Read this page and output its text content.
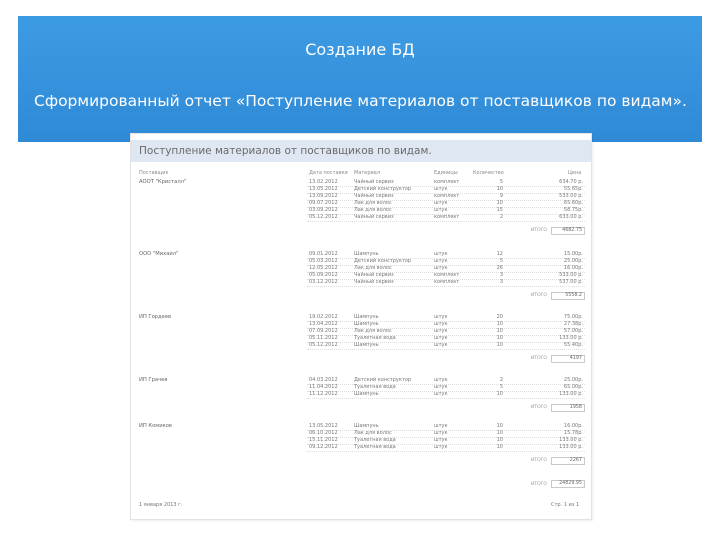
Создание БД
Сформированный отчет «Поступление материалов от поставщиков по видам».
Поступление материалов от поставщиков по видам.
Поставщик	Дата поставки Материал	Единицы	Количество	Цена
АООТ "Кристалл"	13.02.2012	Чайный сервиз	комплект	5	634.70 р.
13.05.2012	Детский конструктор	штук	10	55.65р.
13.09.2012	Чайный сервиз	комплект	9	533.00 р.
09.07.2012	Лак для волос	штук	10	65.60р.
03.09.2012	Лак для волос	штук	15	58.75р.
05.12.2012	Чайный сервиз	комплект	2	633.00 р.
ИТОГО	4682.75
ООО "Михаил"	09.01.2012	Шампунь	штук	12	15.00р.
05.03.2012	Детский конструктор	штук	5	25.00р.
12.05.2012	Лак для волос	штук	26	16.00р.
05.09.2012	Чайный сервиз	комплект	3	533.00 р.
03.12.2012	Чайный сервиз	комплект	3	537.00 р.
ИТОГО	5558.2
ИП Гордеев	19.02.2012	Шампунь	штук	20	75.00р.
13.04.2012	Шампунь	штук	10	27.38р.
07.09.2012	Лак для волос	штук	10	57.00р.
05.11.2012	Туалетная вода	штук	10	133.00 р.
05.12.2012	Шампунь	штук	10	55.40р.
ИТОГО	4197
ИП Грачев	04.03.2012	Детский конструктор	штук	2	25.00р.
11.04.2012	Туалетная вода	штук	5	65.00р.
11.12.2012	Шампунь	штук	10	133.00 р.
ИТОГО	1958
ИП Комиков	13.05.2012	Шампунь	штук	10	16.00р.
06.10.2012	Лак для волос	штук	10	15.78р.
15.11.2012	Туалетная вода	штук	10	133.00 р.
09.12.2012	Туалетная вода	штук	10	133.00 р.
ИТОГО	2267
ИТОГО	24829.95
1 января 2013 г.	Стр. 1 из 1
